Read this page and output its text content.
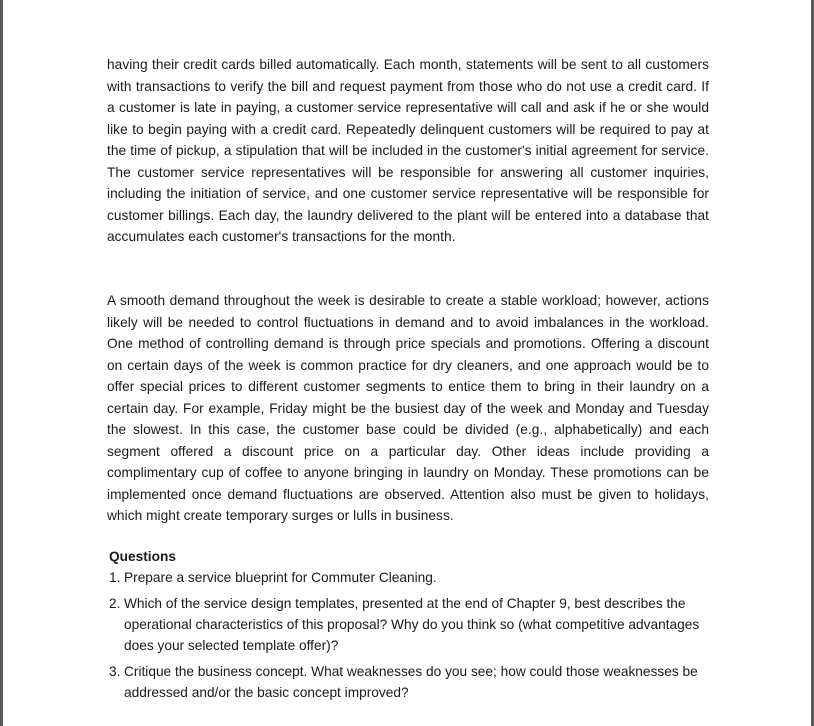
having their credit cards billed automatically. Each month, statements will be sent to all customers with transactions to verify the bill and request payment from those who do not use a credit card. If a customer is late in paying, a customer service representative will call and ask if he or she would like to begin paying with a credit card. Repeatedly delinquent customers will be required to pay at the time of pickup, a stipulation that will be included in the customer's initial agreement for service. The customer service representatives will be responsible for answering all customer inquiries, including the initiation of service, and one customer service representative will be responsible for customer billings. Each day, the laundry delivered to the plant will be entered into a database that accumulates each customer's transactions for the month.

A smooth demand throughout the week is desirable to create a stable workload; however, actions likely will be needed to control fluctuations in demand and to avoid imbalances in the workload. One method of controlling demand is through price specials and promotions. Offering a discount on certain days of the week is common practice for dry cleaners, and one approach would be to offer special prices to different customer segments to entice them to bring in their laundry on a certain day. For example, Friday might be the busiest day of the week and Monday and Tuesday the slowest. In this case, the customer base could be divided (e.g., alphabetically) and each segment offered a discount price on a particular day. Other ideas include providing a complimentary cup of coffee to anyone bringing in laundry on Monday. These promotions can be implemented once demand fluctuations are observed. Attention also must be given to holidays, which might create temporary surges or lulls in business.

Questions
1. Prepare a service blueprint for Commuter Cleaning.
2. Which of the service design templates, presented at the end of Chapter 9, best describes the operational characteristics of this proposal? Why do you think so (what competitive advantages does your selected template offer)?
3. Critique the business concept. What weaknesses do you see; how could those weaknesses be addressed and/or the basic concept improved?
